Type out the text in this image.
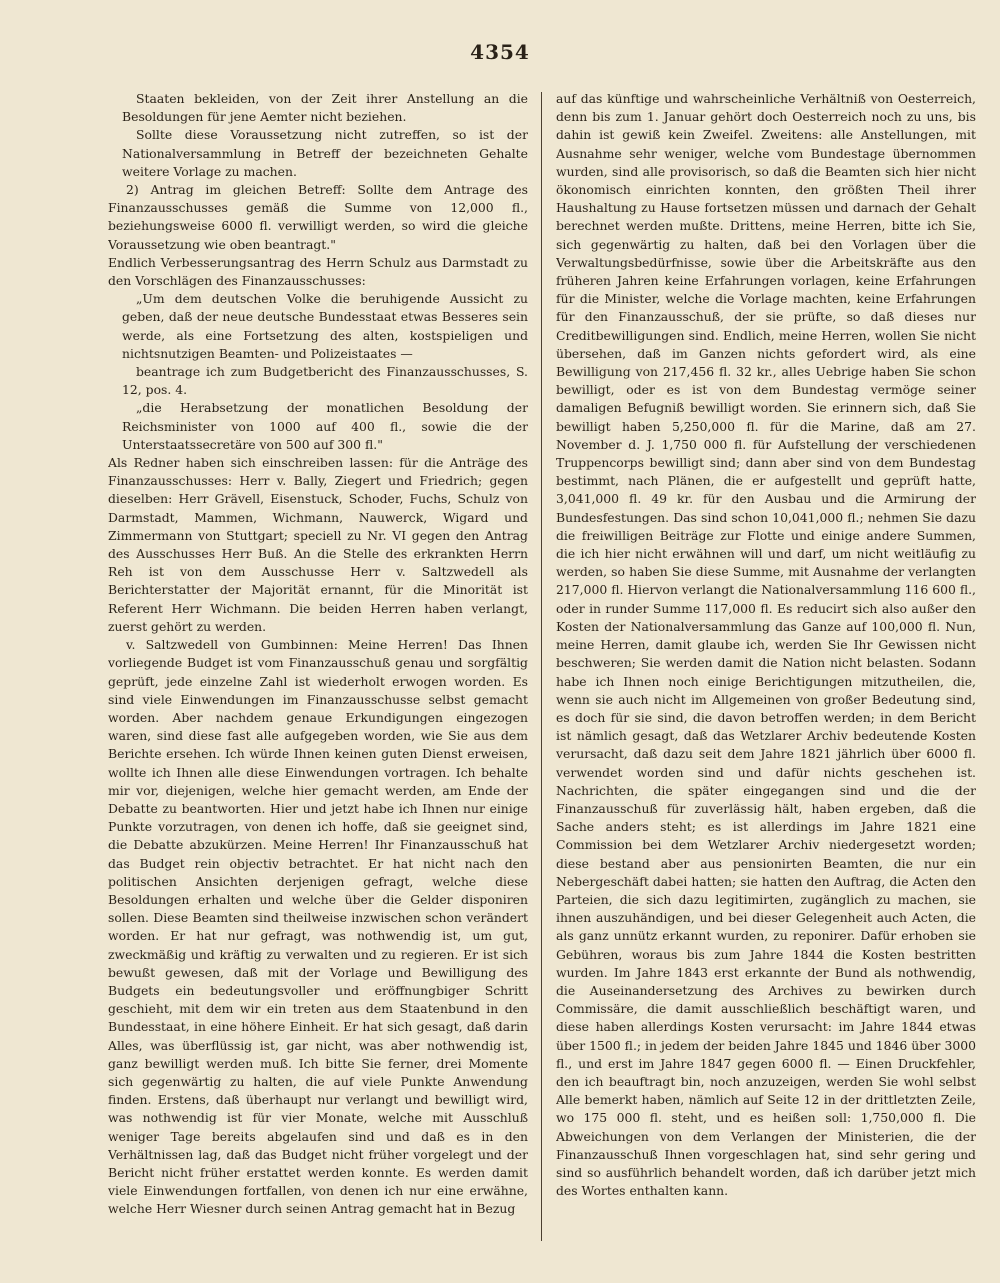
4354

Staaten bekleiden, von der Zeit ihrer Anstellung an die Besoldungen für jene Aemter nicht beziehen.

Sollte diese Voraussetzung nicht zutreffen, so ist der Nationalversammlung in Betreff der bezeichneten Gehalte weitere Vorlage zu machen.

2) Antrag im gleichen Betreff: Sollte dem Antrage des Finanzausschusses gemäß die Summe von 12,000 fl., beziehungsweise 6000 fl. verwilligt werden, so wird die gleiche Voraussetzung wie oben beantragt."

Endlich Verbesserungsantrag des Herrn Schulz aus Darmstadt zu den Vorschlägen des Finanzausschusses:

„Um dem deutschen Volke die beruhigende Aussicht zu geben, daß der neue deutsche Bundesstaat etwas Besseres sein werde, als eine Fortsetzung des alten, kostspieligen und nichtsnutzigen Beamten- und Polizeistaates —

beantrage ich zum Budgetbericht des Finanzausschusses, S. 12, pos. 4.

„die Herabsetzung der monatlichen Besoldung der Reichsminister von 1000 auf 400 fl., sowie die der Unterstaatssecretäre von 500 auf 300 fl."

Als Redner haben sich einschreiben lassen: für die Anträge des Finanzausschusses: Herr v. Bally, Ziegert und Friedrich; gegen dieselben: Herr Grävell, Eisenstuck, Schoder, Fuchs, Schulz von Darmstadt, Mammen, Wichmann, Nauwerck, Wigard und Zimmermann von Stuttgart; speciell zu Nr. VI gegen den Antrag des Ausschusses Herr Buß. An die Stelle des erkrankten Herrn Reh ist von dem Ausschusse Herr v. Saltzwedell als Berichterstatter der Majorität ernannt, für die Minorität ist Referent Herr Wichmann. Die beiden Herren haben verlangt, zuerst gehört zu werden.

v. Saltzwedell von Gumbinnen: Meine Herren! Das Ihnen vorliegende Budget ist vom Finanzausschuß genau und sorgfältig geprüft, jede einzelne Zahl ist wiederholt erwogen worden. Es sind viele Einwendungen im Finanzausschusse selbst gemacht worden. Aber nachdem genaue Erkundigungen eingezogen waren, sind diese fast alle aufgegeben worden, wie Sie aus dem Berichte ersehen. Ich würde Ihnen keinen guten Dienst erweisen, wollte ich Ihnen alle diese Einwendungen vortragen. Ich behalte mir vor, diejenigen, welche hier gemacht werden, am Ende der Debatte zu beantworten. Hier und jetzt habe ich Ihnen nur einige Punkte vorzutragen, von denen ich hoffe, daß sie geeignet sind, die Debatte abzukürzen. Meine Herren! Ihr Finanzausschuß hat das Budget rein objectiv betrachtet. Er hat nicht nach den politischen Ansichten derjenigen gefragt, welche diese Besoldungen erhalten und welche über die Gelder disponiren sollen. Diese Beamten sind theilweise inzwischen schon verändert worden. Er hat nur gefragt, was nothwendig ist, um gut, zweckmäßig und kräftig zu verwalten und zu regieren. Er ist sich bewußt gewesen, daß mit der Vorlage und Bewilligung des Budgets ein bedeutungsvoller und eröffnungbiger Schritt geschieht, mit dem wir ein treten aus dem Staatenbund in den Bundesstaat, in eine höhere Einheit. Er hat sich gesagt, daß darin Alles, was überflüssig ist, gar nicht, was aber nothwendig ist, ganz bewilligt werden muß. Ich bitte Sie ferner, drei Momente sich gegenwärtig zu halten, die auf viele Punkte Anwendung finden. Erstens, daß überhaupt nur verlangt und bewilligt wird, was nothwendig ist für vier Monate, welche mit Ausschluß weniger Tage bereits abgelaufen sind und daß es in den Verhältnissen lag, daß das Budget nicht früher vorgelegt und der Bericht nicht früher erstattet werden konnte. Es werden damit viele Einwendungen fortfallen, von denen ich nur eine erwähne, welche Herr Wiesner durch seinen Antrag gemacht hat in Bezug

auf das künftige und wahrscheinliche Verhältniß von Oesterreich, denn bis zum 1. Januar gehört doch Oesterreich noch zu uns, bis dahin ist gewiß kein Zweifel. Zweitens: alle Anstellungen, mit Ausnahme sehr weniger, welche vom Bundestage übernommen wurden, sind alle provisorisch, so daß die Beamten sich hier nicht ökonomisch einrichten konnten, den größten Theil ihrer Haushaltung zu Hause fortsetzen müssen und darnach der Gehalt berechnet werden mußte. Drittens, meine Herren, bitte ich Sie, sich gegenwärtig zu halten, daß bei den Vorlagen über die Verwaltungsbedürfnisse, sowie über die Arbeitskräfte aus den früheren Jahren keine Erfahrungen vorlagen, keine Erfahrungen für die Minister, welche die Vorlage machten, keine Erfahrungen für den Finanzausschuß, der sie prüfte, so daß dieses nur Creditbewilligungen sind. Endlich, meine Herren, wollen Sie nicht übersehen, daß im Ganzen nichts gefordert wird, als eine Bewilligung von 217,456 fl. 32 kr., alles Uebrige haben Sie schon bewilligt, oder es ist von dem Bundestag vermöge seiner damaligen Befugniß bewilligt worden. Sie erinnern sich, daß Sie bewilligt haben 5,250,000 fl. für die Marine, daß am 27. November d. J. 1,750 000 fl. für Aufstellung der verschiedenen Truppencorps bewilligt sind; dann aber sind von dem Bundestag bestimmt, nach Plänen, die er aufgestellt und geprüft hatte, 3,041,000 fl. 49 kr. für den Ausbau und die Armirung der Bundesfestungen. Das sind schon 10,041,000 fl.; nehmen Sie dazu die freiwilligen Beiträge zur Flotte und einige andere Summen, die ich hier nicht erwähnen will und darf, um nicht weitläufig zu werden, so haben Sie diese Summe, mit Ausnahme der verlangten 217,000 fl. Hiervon verlangt die Nationalversammlung 116 600 fl., oder in runder Summe 117,000 fl. Es reducirt sich also außer den Kosten der Nationalversammlung das Ganze auf 100,000 fl. Nun, meine Herren, damit glaube ich, werden Sie Ihr Gewissen nicht beschweren; Sie werden damit die Nation nicht belasten. Sodann habe ich Ihnen noch einige Berichtigungen mitzutheilen, die, wenn sie auch nicht im Allgemeinen von großer Bedeutung sind, es doch für sie sind, die davon betroffen werden; in dem Bericht ist nämlich gesagt, daß das Wetzlarer Archiv bedeutende Kosten verursacht, daß dazu seit dem Jahre 1821 jährlich über 6000 fl. verwendet worden sind und dafür nichts geschehen ist. Nachrichten, die später eingegangen sind und die der Finanzausschuß für zuverlässig hält, haben ergeben, daß die Sache anders steht; es ist allerdings im Jahre 1821 eine Commission bei dem Wetzlarer Archiv niedergesetzt worden; diese bestand aber aus pensionirten Beamten, die nur ein Nebergeschäft dabei hatten; sie hatten den Auftrag, die Acten den Parteien, die sich dazu legitimirten, zugänglich zu machen, sie ihnen auszuhändigen, und bei dieser Gelegenheit auch Acten, die als ganz unnütz erkannt wurden, zu reponirer. Dafür erhoben sie Gebühren, woraus bis zum Jahre 1844 die Kosten bestritten wurden. Im Jahre 1843 erst erkannte der Bund als nothwendig, die Auseinandersetzung des Archives zu bewirken durch Commissäre, die damit ausschließlich beschäftigt waren, und diese haben allerdings Kosten verursacht: im Jahre 1844 etwas über 1500 fl.; in jedem der beiden Jahre 1845 und 1846 über 3000 fl., und erst im Jahre 1847 gegen 6000 fl. — Einen Druckfehler, den ich beauftragt bin, noch anzuzeigen, werden Sie wohl selbst Alle bemerkt haben, nämlich auf Seite 12 in der drittletzten Zeile, wo 175 000 fl. steht, und es heißen soll: 1,750,000 fl. Die Abweichungen von dem Verlangen der Ministerien, die der Finanzausschuß Ihnen vorgeschlagen hat, sind sehr gering und sind so ausführlich behandelt worden, daß ich darüber jetzt mich des Wortes enthalten kann.
